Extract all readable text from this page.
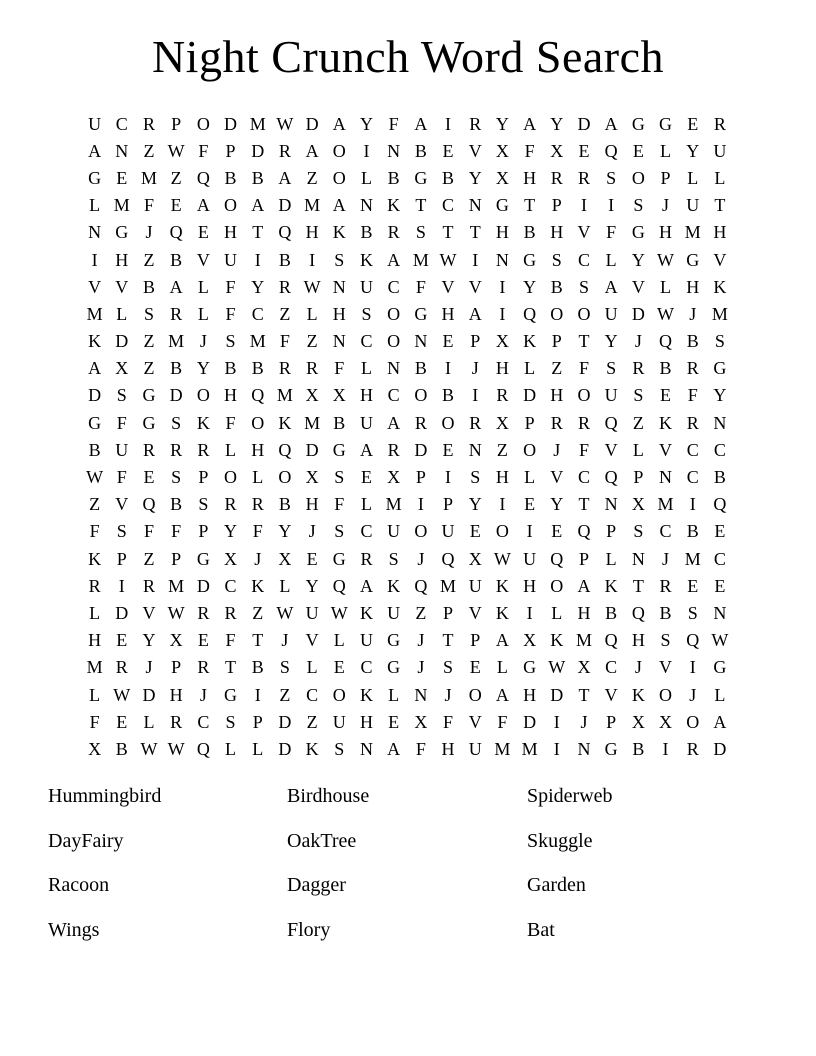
Night Crunch Word Search
U C R P O D M W D A Y F A I	R Y A Y D A G G E R
A N Z W F P D R A O I N B E V X F X E Q E L Y U
G E M Z Q B B A Z O L B G B Y X H R R S O P L L
L M F E A O A D M A N K T C N G T P	I	I	S	J U T
N G J Q E H T Q H K B R S T T H B H V F G H M H
I H Z B V U I	B	I	S K A M W I N G S C L Y W G V
V V B A L F Y R W N U C F V V I Y B S A V L H K
M L S R L F C Z L H S O G H A I Q O O U D W J M
K D Z M J	S M F Z N C O N E P X K P T Y J Q B S
A X Z B Y B B R R F L N B	I	J H L Z F S R B R G
D S G D O H Q M X X H C O B	I	R D H O U S E F Y
G F G S K F O K M B U A R O R X P R R Q Z K R N
B U R R R L H Q D G A R D E N Z O J	F V L V C C
W F E S P O L O X S E X P	I	S H L V C Q P N C B
Z V Q B S R R B H F L M I	P Y I	E Y T N X M I Q
F S F F P Y F Y J	S C U O U E O I	E Q P S C B E
K P Z P G X J X E G R S	J Q X W U Q P L N J M C
R	I	R M D C K L Y Q A K Q M U K H O A K T R E E
L D V W R R Z W U W K U Z P V K I	L H B Q B S N
H E Y X E F T	J V L U G J	T P A X K M Q H S Q W
M R J	P R T B S L E C G J	S E L G W X C J V I G
L W D H J G I	Z C O K L N J O A H D T V K O J	L
F E L R C S P D Z U H E X F V F D I	J	P X X O A
X B W W Q L L D K S N A F H U M M I N G B	I	R D
Hummingbird
DayFairy
Racoon
Wings
Birdhouse
OakTree
Dagger
Flory
Spiderweb
Skuggle
Garden
Bat
